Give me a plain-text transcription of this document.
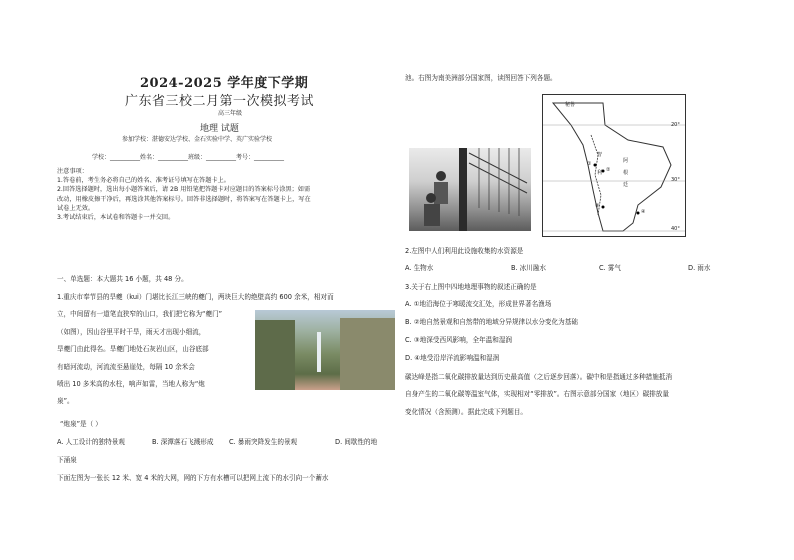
2024-2025 学年度下学期
广东省三校二月第一次模拟考试
高三年级
地理 试题
参加学校：湛德安达学校、金石实验中学、英广实验学校
学校：__________姓名：__________班级：__________考号：__________
注意事项：
1.答卷前，考生务必将自己的姓名、准考证号填写在答题卡上。
2.回答选择题时，选出每小题答案后，请 2B 用铅笔把答题卡对应题目的答案标号涂黑；如需
改动，用橡皮擦干净后，再选涂其他答案标号。回答非选择题时，将答案写在答题卡上，写在
试卷上无效。
3.考试结束后，本试卷和答题卡一并交回。
一、单选题：本大题共 16 小题，共 48 分。
1.重庆市奉节县的旱夔（kui）门堪比长江三峡的夔门，两块巨大的绝壁高约 600 余米，相对而
立，中间留有一道笔直狭窄的山口，我们把它称为“夔门”
（如图），因山谷里平时干旱，雨天才出现小细流，
旱夔门由此得名。旱夔门地处石灰岩山区，山谷底部
有暗河流动，河流流至悬崖处，每隔 10 余米会
喷出 10 多米高的水柱，响声如雷，当地人称为“炮
泉”。
“炮泉”是（ ）
A. 人工设计的独特景观	B. 深潭落石飞溅形成 C. 暴雨突降发生的景观	D. 间歇性的地
下涌泉
下面左图为一张长 12 米、宽 4 米的大网，网的下方有水槽可以把网上流下的水引向一个蓄水
池。右图为南美洲部分国家图，读图回答下列各题。
秘鲁
智
利
阿
根
廷
20°
30°
40°
①
②
③
④
2.左图中人们利用此设施收集的水资源是
A. 生物水	B. 冰川融水	C. 雾气	D. 雨水
3.关于右上图中四地地理事物的叙述正确的是
A. ①地沿海位于寒暖流交汇处，形成世界著名渔场
B. ②地自然景观和自然带的地域分异规律以水分变化为基础
C. ③地深受西风影响，全年温和湿润
D. ④地受沿岸洋流影响温和湿润
碳达峰是指二氧化碳排放量达到历史最高值（之后逐步回落）。碳中和是指通过多种措施抵消
自身产生的二氧化碳等温室气体，实现相对“零排放”。右图示意部分国家（地区）碳排放量
变化情况（含预测）。据此完成下列题目。
